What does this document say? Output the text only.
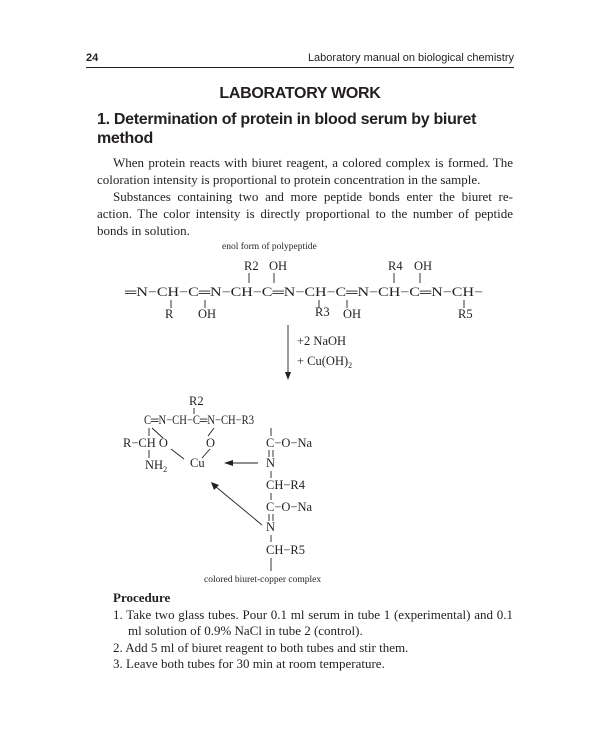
24	Laboratory manual on biological chemistry
LABORATORY WORK
1. Determination of protein in blood serum by biuret method

When protein reacts with biuret reagent, a colored complex is formed. The coloration intensity is proportional to protein concentration in the sample.

Substances containing two and more peptide bonds enter the biuret re-action. The color intensity is directly proportional to the number of peptide bonds in solution.

enol form of polypeptide
R2 OH	R4 OH
═N−CH−C═N−CH−C═N−CH−C═N−CH−C═N−CH−
R OH	R3 OH	R5
+2 NaOH
+ $Cu(OH)_2$
R2
C═N−CH−C═N−CH−R3
R−CH O	O	C−O−Na
$NH_2$ Cu	N
CH−R4
C−O−Na
N
CH−R5
colored biuret-copper complex
Procedure
1. Take two glass tubes. Pour 0.1 ml serum in tube 1 (experimental) and 0.1 ml solution of 0.9% NaCl in tube 2 (control).
2. Add 5 ml of biuret reagent to both tubes and stir them.
3. Leave both tubes for 30 min at room temperature.
